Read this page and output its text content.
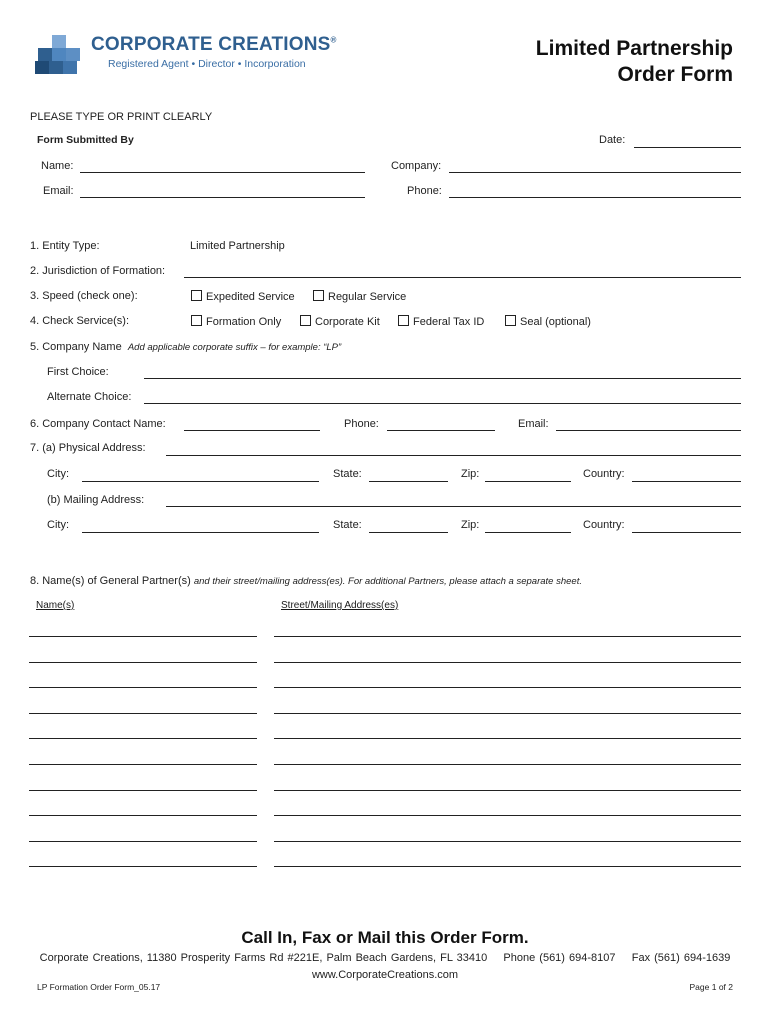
CORPORATE CREATIONS®
Registered Agent • Director • Incorporation
Limited Partnership
Order Form
PLEASE TYPE OR PRINT CLEARLY
Form Submitted By	Date:
Name:	Company:
Email:	Phone:
1. Entity Type:	Limited Partnership
2. Jurisdiction of Formation:
3. Speed (check one):	Expedited Service	Regular Service
4. Check Service(s):	Formation Only	Corporate Kit	Federal Tax ID	Seal (optional)
5. Company Name Add applicable corporate suffix – for example: “LP”
First Choice:
Alternate Choice:
6. Company Contact Name:	Phone:	Email:
7. (a) Physical Address:
City:	State:	Zip:	Country:
(b) Mailing Address:
City:	State:	Zip:	Country:
8. Name(s) of General Partner(s) and their street/mailing address(es). For additional Partners, please attach a separate sheet.
Name(s)	Street/Mailing Address(es)
Call In, Fax or Mail this Order Form.
Corporate Creations, 11380 Prosperity Farms Rd #221E, Palm Beach Gardens, FL 33410    Phone (561) 694-8107    Fax (561) 694-1639
www.CorporateCreations.com
LP Formation Order Form_05.17	Page 1 of 2
